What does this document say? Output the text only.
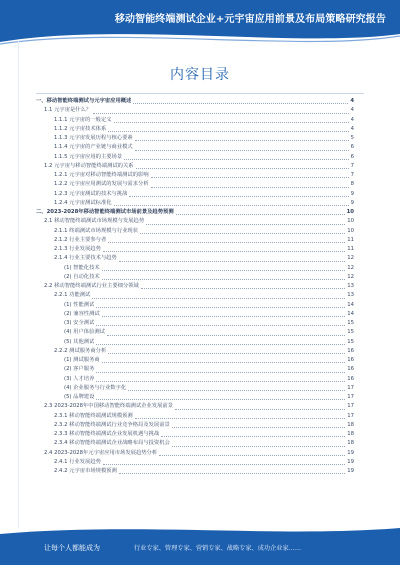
移动智能终端测试企业+元宇宙应用前景及布局策略研究报告
内容目录
一、移动智能终端测试与元宇宙应用概述	4
1.1 元宇宙是什么？	4
1.1.1 元宇宙的一般定义	4
1.1.2 元宇宙技术体系	4
1.1.3 元宇宙发展历程与核心要素	5
1.1.4 元宇宙的产业链与商业模式	6
1.1.5 元宇宙应用的主要场景	6
1.2 元宇宙与移动智能终端测试的关系	7
1.2.1 元宇宙对移动智能终端测试的影响	7
1.2.2 元宇宙应用测试的发展与需求分析	8
1.2.3 元宇宙测试的技术与挑战	9
1.2.4 元宇宙测试标准化	9
二、2023-2028年移动智能终端测试市场前景及趋势预测	10
2.1 移动智能终端测试市场规模与发展趋势	10
2.1.1 终端测试市场规模与行业现状	10
2.1.2 行业主要参与者	11
2.1.3 行业发展趋势	11
2.1.4 行业主要技术与趋势	12
(1) 智能化技术	12
(2) 自动化技术	12
2.2 移动智能终端测试行业主要细分领域	13
2.2.1 功能测试	13
(1) 性能测试	14
(2) 兼容性测试	14
(3) 安全测试	15
(4) 用户体验测试	15
(5) 其他测试	15
2.2.2 测试服务商分析	16
(1) 测试服务商	16
(2) 客户服务	16
(3) 人才培养	16
(4) 企业服务与行业数字化	17
(5) 品牌建设	17
2.3 2023-2028年中国移动智能终端测试企业发展前景	17
2.3.1 移动智能终端测试规模预测	17
2.3.2 移动智能终端测试行业竞争格局及发展前景	18
2.3.3 移动智能终端测试企业发展机遇与挑战	18
2.3.4 移动智能终端测试企业战略布局与投资机会	18
2.4 2023-2028年元宇宙应用市场发展趋势分析	19
2.4.1 行业发展趋势	19
2.4.2 元宇宙市场规模预测	19
让每个人都能成为	行业专家、管理专家、营销专家、战略专家、成功企业家……
